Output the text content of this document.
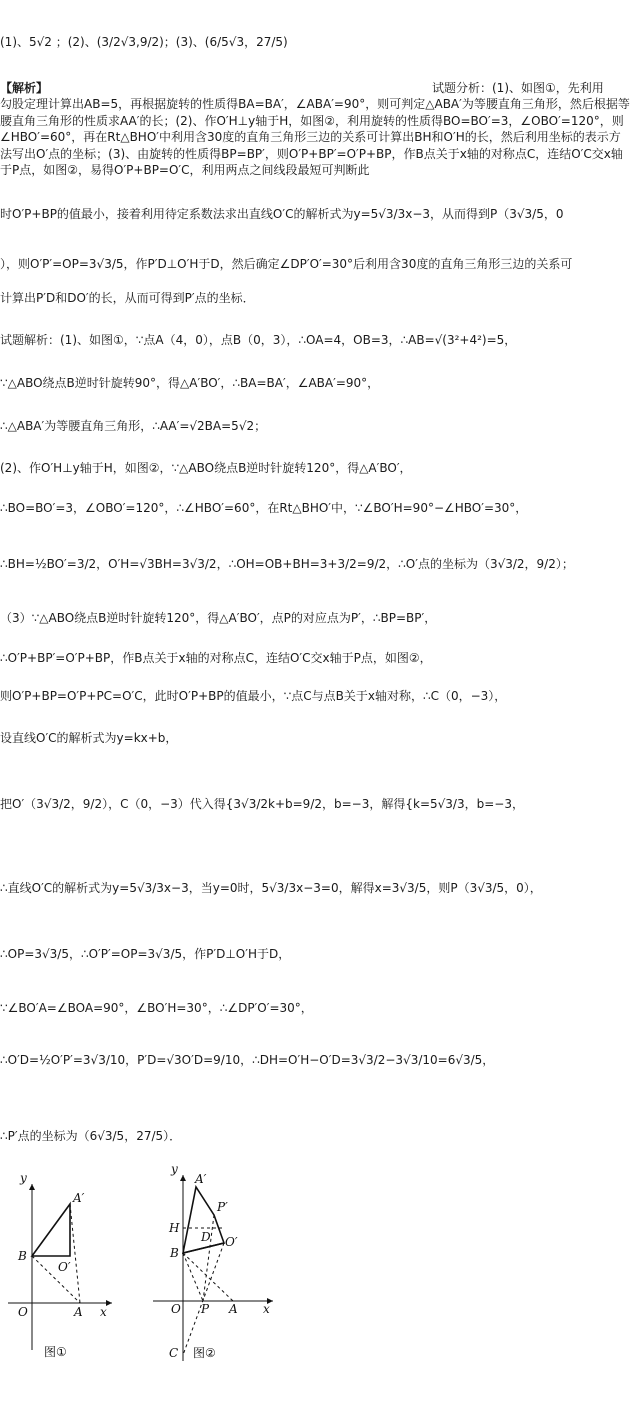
(1)、5√2 ；(2)、(3/2√3,9/2)；(3)、(6/5√3，27/5)
【解析】	试题分析：(1)、如图①，先利用
勾股定理计算出AB=5，再根据旋转的性质得BA=BA′，∠ABA′=90°，则可判定△ABA′为等腰直角三角形，然后根据等腰直角三角形的性质求AA′的长；(2)、作O′H⊥y轴于H，如图②，利用旋转的性质得BO=BO′=3，∠OBO′=120°，则∠HBO′=60°，再在Rt△BHO′中利用含30度的直角三角形三边的关系可计算出BH和O′H的长，然后利用坐标的表示方法写出O′点的坐标；(3)、由旋转的性质得BP=BP′，则O′P+BP′=O′P+BP，作B点关于x轴的对称点C，连结O′C交x轴于P点，如图②，易得O′P+BP=O′C，利用两点之间线段最短可判断此
时O′P+BP的值最小，接着利用待定系数法求出直线O′C的解析式为y=5√3/3x−3，从而得到P（3√3/5，0
），则O′P′=OP=3√3/5，作P′D⊥O′H于D，然后确定∠DP′O′=30°后利用含30度的直角三角形三边的关系可
计算出P′D和DO′的长，从而可得到P′点的坐标．
试题解析：(1)、如图①，∵点A（4，0），点B（0，3），∴OA=4，OB=3，∴AB=√(3²+4²)=5，
∵△ABO绕点B逆时针旋转90°，得△A′BO′，∴BA=BA′，∠ABA′=90°，
∴△ABA′为等腰直角三角形，∴AA′=√2BA=5√2；
(2)、作O′H⊥y轴于H，如图②，∵△ABO绕点B逆时针旋转120°，得△A′BO′，
∴BO=BO′=3，∠OBO′=120°，∴∠HBO′=60°，在Rt△BHO′中，∵∠BO′H=90°−∠HBO′=30°，
∴BH=½BO′=3/2，O′H=√3BH=3√3/2，∴OH=OB+BH=3+3/2=9/2，∴O′点的坐标为（3√3/2，9/2）；
（3）∵△ABO绕点B逆时针旋转120°，得△A′BO′，点P的对应点为P′，∴BP=BP′，
∴O′P+BP′=O′P+BP，作B点关于x轴的对称点C，连结O′C交x轴于P点，如图②，
则O′P+BP=O′P+PC=O′C，此时O′P+BP的值最小，∵点C与点B关于x轴对称，∴C（0，−3），
设直线O′C的解析式为y=kx+b，
把O′（3√3/2，9/2），C（0，−3）代入得{3√3/2k+b=9/2，b=−3，解得{k=5√3/3，b=−3，
∴直线O′C的解析式为y=5√3/3x−3，当y=0时，5√3/3x−3=0，解得x=3√3/5，则P（3√3/5，0），
∴OP=3√3/5，∴O′P′=OP=3√3/5，作P′D⊥O′H于D，
∵∠BO′A=∠BOA=90°，∠BO′H=30°，∴∠DP′O′=30°，
∴O′D=½O′P′=3√3/10，P′D=√3O′D=9/10，∴DH=O′H−O′D=3√3/2−3√3/10=6√3/5，
∴P′点的坐标为（6√3/5，27/5）．
y
A′
B
O′
O	A x
图①
y
A′
P′
H
D O′
B
O P A x
C 图②
